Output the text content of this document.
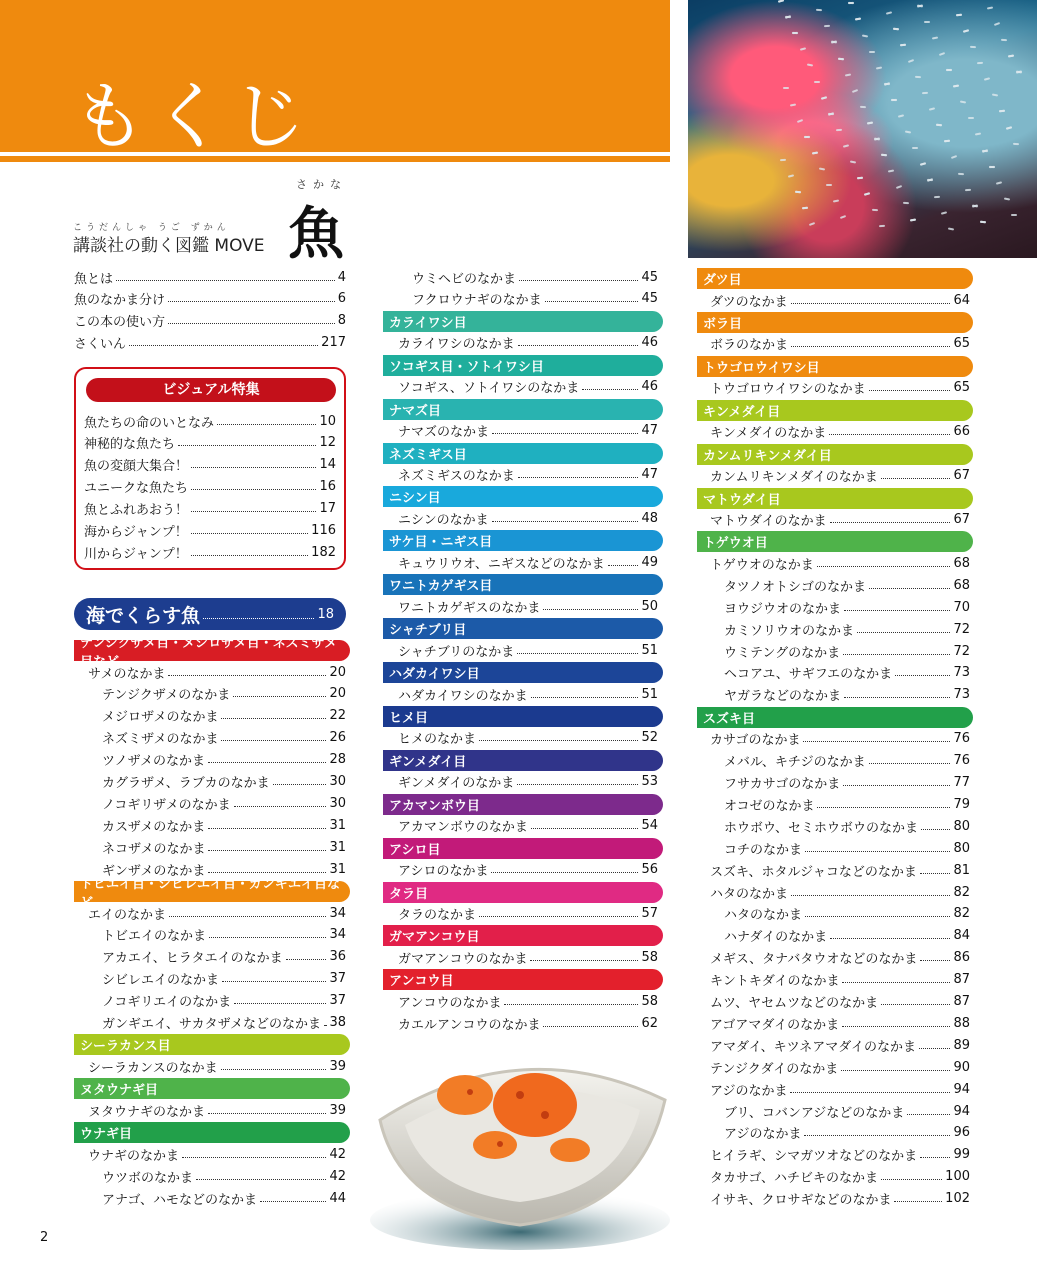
もくじ
こうだんしゃ うご ずかん
講談社の動く図鑑 MOVE
さかな
魚
ビジュアル特集
海でくらす魚	18
魚とは	4
魚のなかま分け	6
この本の使い方	8
さくいん	217
魚たちの命のいとなみ	10
神秘的な魚たち	12
魚の変顔大集合！	14
ユニークな魚たち	16
魚とふれあおう！	17
海からジャンプ！	116
川からジャンプ！	182
テンジクザメ目・メジロザメ目・ネズミザメ目など
サメのなかま	20
テンジクザメのなかま	20
メジロザメのなかま	22
ネズミザメのなかま	26
ツノザメのなかま	28
カグラザメ、ラブカのなかま	30
ノコギリザメのなかま	30
カスザメのなかま	31
ネコザメのなかま	31
ギンザメのなかま	31
トビエイ目・シビレエイ目・ガンギエイ目など
エイのなかま	34
トビエイのなかま	34
アカエイ、ヒラタエイのなかま	36
シビレエイのなかま	37
ノコギリエイのなかま	37
ガンギエイ、サカタザメなどのなかま 38
シーラカンス目
シーラカンスのなかま	39
ヌタウナギ目
ヌタウナギのなかま	39
ウナギ目
ウナギのなかま	42
ウツボのなかま	42
アナゴ、ハモなどのなかま	44
ウミヘビのなかま	45
フクロウナギのなかま	45
カライワシ目
カライワシのなかま	46
ソコギス目・ソトイワシ目
ソコギス、ソトイワシのなかま	46
ナマズ目
ナマズのなかま	47
ネズミギス目
ネズミギスのなかま	47
ニシン目
ニシンのなかま	48
サケ目・ニギス目
キュウリウオ、ニギスなどのなかま	49
ワニトカゲギス目
ワニトカゲギスのなかま	50
シャチブリ目
シャチブリのなかま	51
ハダカイワシ目
ハダカイワシのなかま	51
ヒメ目
ヒメのなかま	52
ギンメダイ目
ギンメダイのなかま	53
アカマンボウ目
アカマンボウのなかま	54
アシロ目
アシロのなかま	56
タラ目
タラのなかま	57
ガマアンコウ目
ガマアンコウのなかま	58
アンコウ目
アンコウのなかま	58
カエルアンコウのなかま	62
ダツ目
ダツのなかま	64
ボラ目
ボラのなかま	65
トウゴロウイワシ目
トウゴロウイワシのなかま	65
キンメダイ目
キンメダイのなかま	66
カンムリキンメダイ目
カンムリキンメダイのなかま	67
マトウダイ目
マトウダイのなかま	67
トゲウオ目
トゲウオのなかま	68
タツノオトシゴのなかま	68
ヨウジウオのなかま	70
カミソリウオのなかま	72
ウミテングのなかま	72
ヘコアユ、サギフエのなかま	73
ヤガラなどのなかま	73
スズキ目
カサゴのなかま	76
メバル、キチジのなかま	76
フサカサゴのなかま	77
オコゼのなかま	79
ホウボウ、セミホウボウのなかま	80
コチのなかま	80
スズキ、ホタルジャコなどのなかま	81
ハタのなかま	82
ハタのなかま	82
ハナダイのなかま	84
メギス、タナバタウオなどのなかま	86
キントキダイのなかま	87
ムツ、ヤセムツなどのなかま	87
アゴアマダイのなかま	88
アマダイ、キツネアマダイのなかま	89
テンジクダイのなかま	90
アジのなかま	94
ブリ、コバンアジなどのなかま	94
アジのなかま	96
ヒイラギ、シマガツオなどのなかま	99
タカサゴ、ハチビキのなかま	100
イサキ、クロサギなどのなかま	102
2
